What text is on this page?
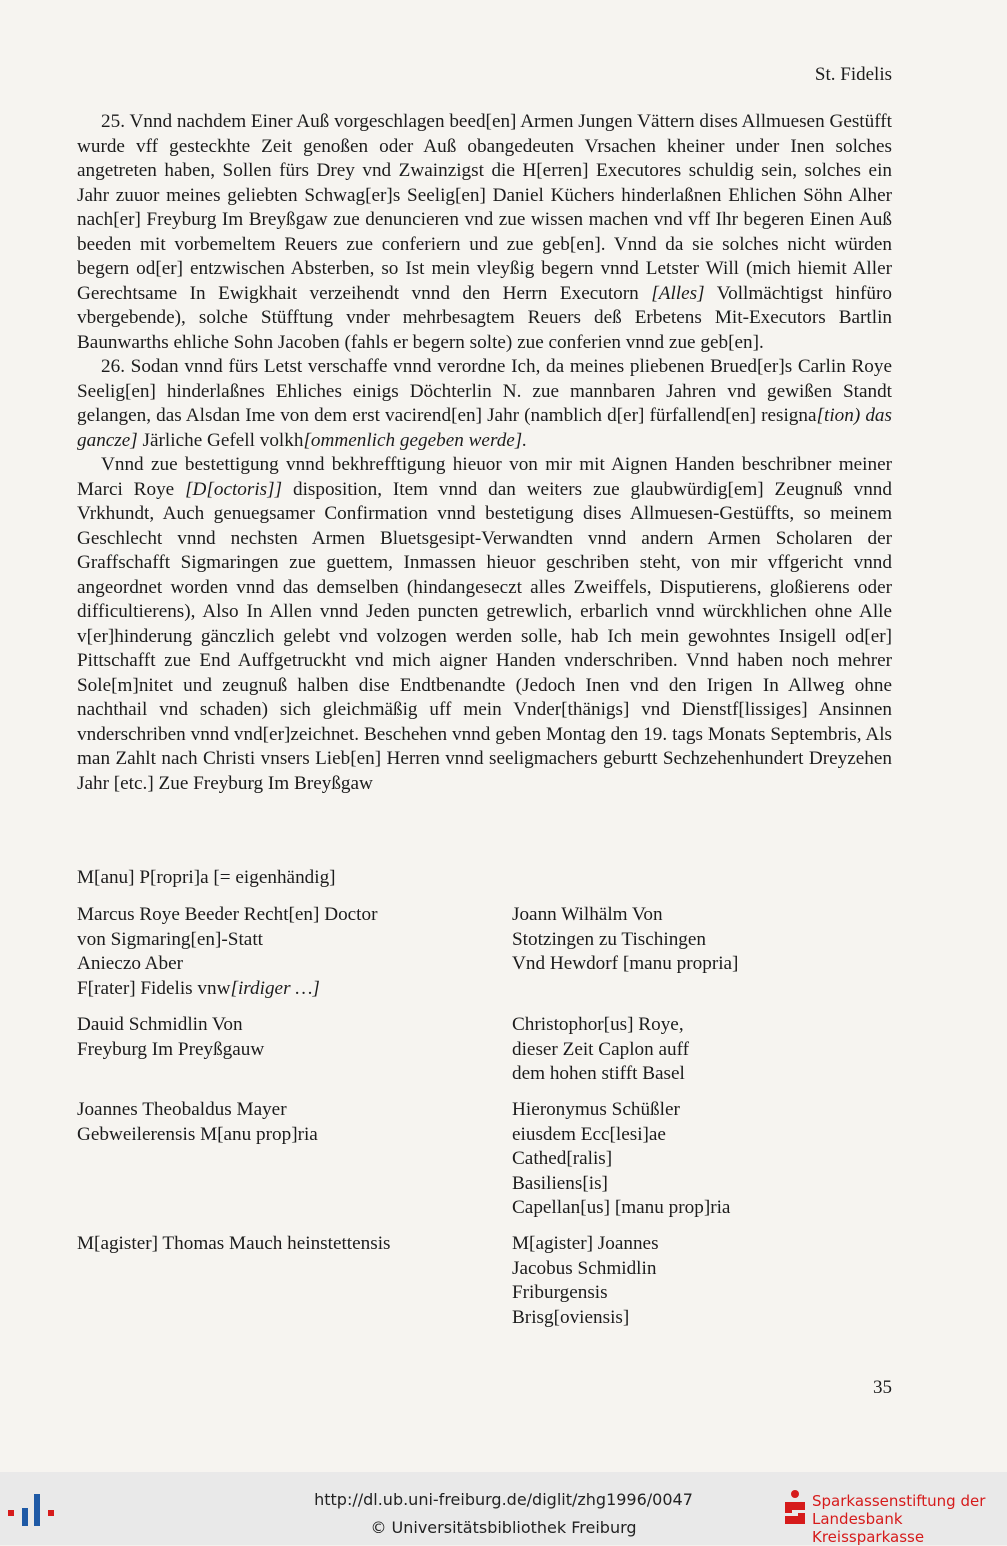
St. Fidelis

25. Vnnd nachdem Einer Auß vorgeschlagen beed[en] Armen Jungen Vättern dises Allmuesen Gestüfft wurde vff gesteckhte Zeit genoßen oder Auß obangedeuten Vrsachen kheiner under Inen solches angetreten haben, Sollen fürs Drey vnd Zwainzigst die H[erren] Executores schuldig sein, solches ein Jahr zuuor meines geliebten Schwag[er]s Seelig[en] Daniel Küchers hinderlaßnen Ehlichen Söhn Alher nach[er] Freyburg Im Breyßgaw zue denuncieren vnd zue wissen machen vnd vff Ihr begeren Einen Auß beeden mit vorbemeltem Reuers zue conferiern und zue geb[en]. Vnnd da sie solches nicht würden begern od[er] entzwischen Absterben, so Ist mein vleyßig begern vnnd Letster Will (mich hiemit Aller Gerechtsame In Ewigkhait verzeihendt vnnd den Herrn Executorn [Alles] Vollmächtigst hinfüro vbergebende), solche Stüfftung vnder mehrbesagtem Reuers deß Erbetens Mit-Executors Bartlin Baunwarths ehliche Sohn Jacoben (fahls er begern solte) zue conferien vnnd zue geb[en].

26. Sodan vnnd fürs Letst verschaffe vnnd verordne Ich, da meines pliebenen Brued[er]s Carlin Roye Seelig[en] hinderlaßnes Ehliches einigs Döchterlin N. zue mannbaren Jahren vnd gewißen Standt gelangen, das Alsdan Ime von dem erst vacirend[en] Jahr (namblich d[er] fürfallend[en] resigna[tion) das gancze] Järliche Gefell volkh[ommenlich gegeben werde].

Vnnd zue bestettigung vnnd bekhrefftigung hieuor von mir mit Aignen Handen beschribner meiner Marci Roye [D[octoris]] disposition, Item vnnd dan weiters zue glaubwürdig[em] Zeugnuß vnnd Vrkhundt, Auch genuegsamer Confirmation vnnd bestetigung dises Allmuesen-Gestüffts, so meinem Geschlecht vnnd nechsten Armen Bluetsgesipt-Verwandten vnnd andern Armen Scholaren der Graffschafft Sigmaringen zue guettem, Inmassen hieuor geschriben steht, von mir vffgericht vnnd angeordnet worden vnnd das demselben (hindangeseczt alles Zweiffels, Disputierens, gloßierens oder difficultierens), Also In Allen vnnd Jeden puncten getrewlich, erbarlich vnnd würckhlichen ohne Alle v[er]hinderung gänczlich gelebt vnd volzogen werden solle, hab Ich mein gewohntes Insigell od[er] Pittschafft zue End Auffgetruckht vnd mich aigner Handen vnderschriben. Vnnd haben noch mehrer Sole[m]nitet und zeugnuß halben dise Endtbenandte (Jedoch Inen vnd den Irigen In Allweg ohne nachthail vnd schaden) sich gleichmäßig uff mein Vnder[thänigs] vnd Dienstf[lissiges] Ansinnen vnderschriben vnnd vnd[er]zeichnet. Beschehen vnnd geben Montag den 19. tags Monats Septembris, Als man Zahlt nach Christi vnsers Lieb[en] Herren vnnd seeligmachers geburtt Sechzehenhundert Dreyzehen Jahr [etc.] Zue Freyburg Im Breyßgaw

M[anu] P[ropri]a [= eigenhändig]
Marcus Roye Beeder Recht[en] Doctor
von Sigmaring[en]-Statt
Anieczo Aber
F[rater] Fidelis vnw[irdiger …]
Joann Wilhälm Von
Stotzingen zu Tischingen
Vnd Hewdorf [manu propria]
Dauid Schmidlin Von
Freyburg Im Preyßgauw
Christophor[us] Roye,
dieser Zeit Caplon auff
dem hohen stifft Basel
Joannes Theobaldus Mayer
Gebweilerensis M[anu prop]ria
Hieronymus Schüßler
eiusdem Ecc[lesi]ae
Cathed[ralis]
Basiliens[is]
Capellan[us] [manu prop]ria
M[agister] Thomas Mauch heinstettensis	M[agister] Joannes
Jacobus Schmidlin
Friburgensis
Brisg[oviensis]
35
http://dl.ub.uni-freiburg.de/diglit/zhg1996/0047
© Universitätsbibliothek Freiburg
Sparkassenstiftung der
Landesbank Kreissparkasse
